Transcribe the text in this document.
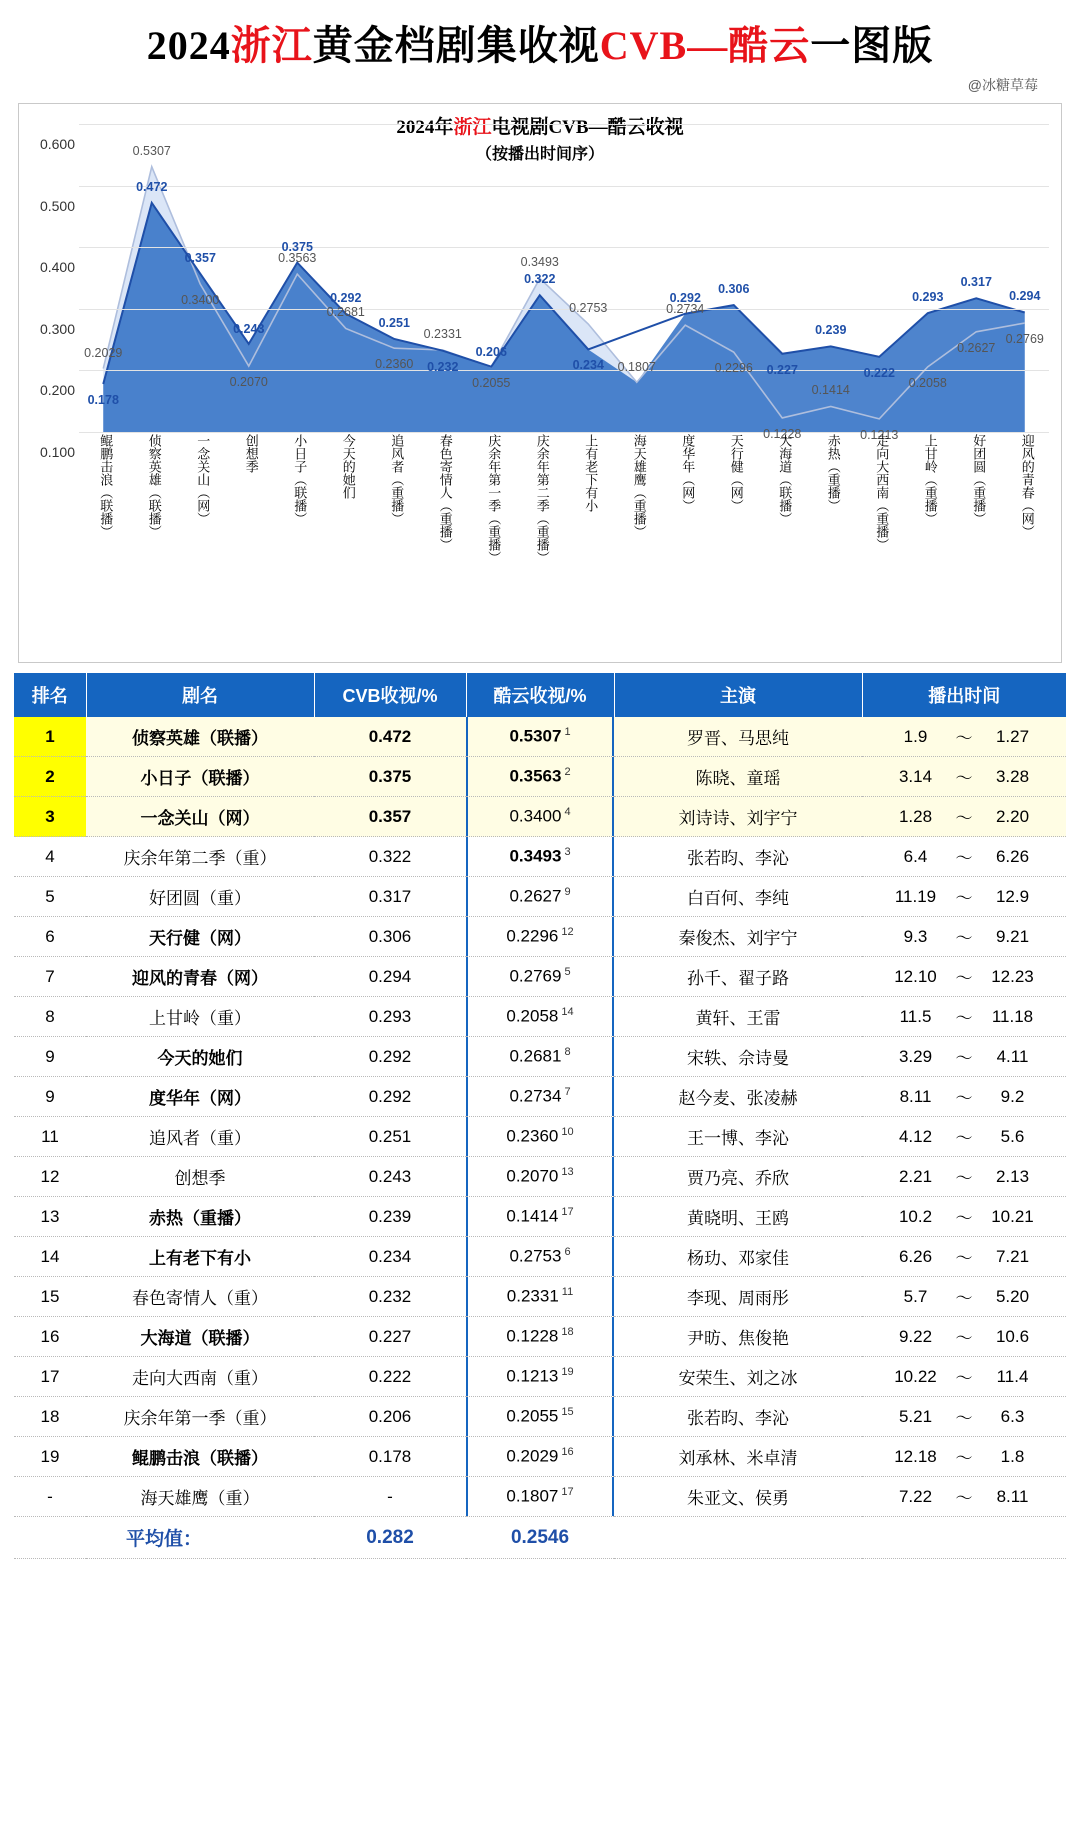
2024浙江黄金档剧集收视CVB—酷云一图版
@冰糖草莓
2024年浙江电视剧CVB—酷云收视
（按播出时间序）
0.100
0.200
0.300
0.400
0.500
0.600
0.178
0.472
0.357
0.243
0.375
0.292
0.251
0.232
0.206
0.322
0.234
0.292
0.306
0.227
0.239
0.222
0.293
0.317
0.294
0.2029
0.5307
0.3400
0.2070
0.3563
0.2681
0.2360
0.2331
0.2055
0.3493
0.2753
0.1807
0.2734
0.2296
0.1228
0.1414
0.1213
0.2058
0.2627
0.2769
鲲鹏击浪（联播）	侦察英雄（联播）	一念关山（网）	创想季	小日子（联播）	今天的她们	追风者（重播）	春色寄情人（重播）	庆余年第一季（重播）	庆余年第二季（重播）	上有老下有小	海天雄鹰（重播）	度华年（网）	天行健（网）	大海道（联播）	赤热（重播）	走向大西南（重播）	上甘岭（重播）	好团圆（重播）	迎风的青春（网）
排名	剧名	CVB收视/%	酷云收视/%	主演	播出时间
1	侦察英雄（联播）	0.472	0.5307 $^1$	罗晋、马思纯	1.9 ～ 1.27

2	小日子（联播）	0.375	0.3563 $^2$	陈晓、童瑶	3.14 ～ 3.28

3	一念关山（网）	0.357	0.3400 $^4$	刘诗诗、刘宇宁	1.28 ～ 2.20

4	庆余年第二季（重）	0.322	0.3493 $^3$	张若昀、李沁	6.4 ～ 6.26

5	好团圆（重）	0.317	0.2627 $^9$	白百何、李纯	11.19 ～ 12.9

6	天行健（网）	0.306	0.2296 $^{12}$	秦俊杰、刘宇宁	9.3 ～ 9.21

7	迎风的青春（网）	0.294	0.2769 $^5$	孙千、翟子路	12.10 ～ 12.23

8	上甘岭（重）	0.293	0.2058 $^{14}$	黄轩、王雷	11.5 ～ 11.18

9	今天的她们	0.292	0.2681 $^8$	宋轶、佘诗曼	3.29 ～ 4.11

9	度华年（网）	0.292	0.2734 $^7$	赵今麦、张凌赫	8.11 ～ 9.2

11	追风者（重）	0.251	0.2360 $^{10}$	王一博、李沁	4.12 ～ 5.6

12	创想季	0.243	0.2070 $^{13}$	贾乃亮、乔欣	2.21 ～ 2.13

13	赤热（重播）	0.239	0.1414 $^{17}$	黄晓明、王鸥	10.2 ～ 10.21

14	上有老下有小	0.234	0.2753 $^6$	杨玏、邓家佳	6.26 ～ 7.21

15	春色寄情人（重）	0.232	0.2331 $^{11}$	李现、周雨彤	5.7 ～ 5.20

16	大海道（联播）	0.227	0.1228 $^{18}$	尹昉、焦俊艳	9.22 ～ 10.6

17	走向大西南（重）	0.222	0.1213 $^{19}$	安荣生、刘之冰	10.22 ～ 11.4

18	庆余年第一季（重）	0.206	0.2055 $^{15}$	张若昀、李沁	5.21 ～ 6.3

19	鲲鹏击浪（联播）	0.178	0.2029 $^{16}$	刘承林、米卓清	12.18 ～ 1.8

-	海天雄鹰（重）	-	0.1807 $^{17}$	朱亚文、侯勇	7.22 ～ 8.11

平均值：		0.282	0.2546		
